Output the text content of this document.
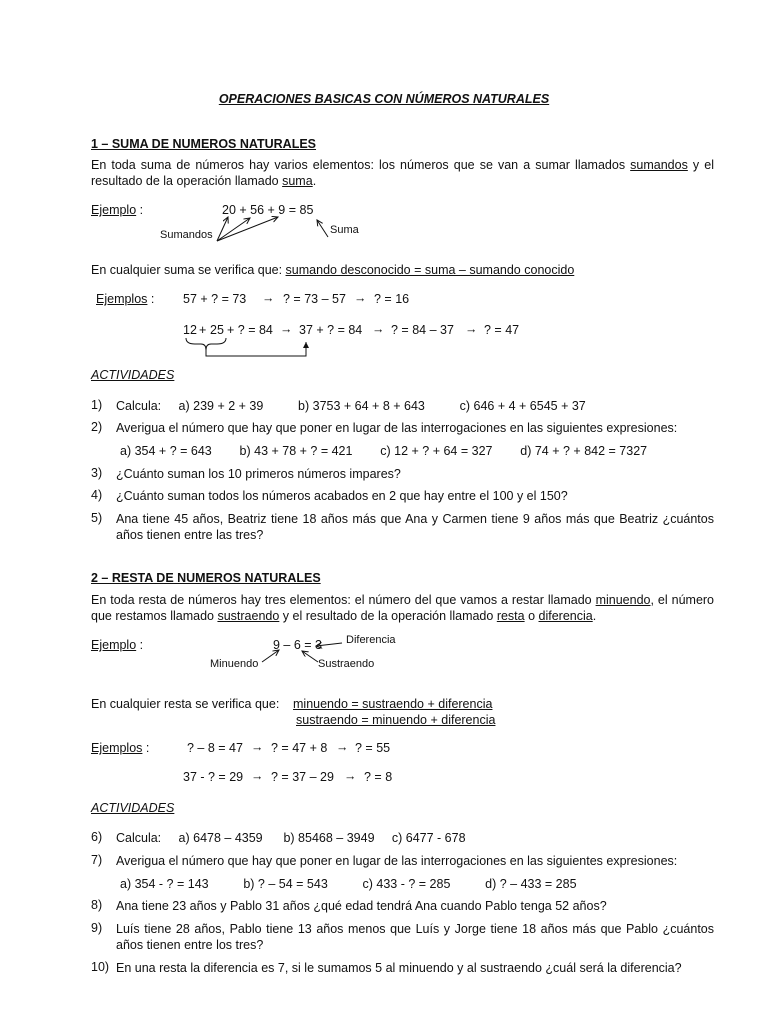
OPERACIONES BASICAS CON NÚMEROS NATURALES
1 – SUMA DE NUMEROS NATURALES
En toda suma de números hay varios elementos: los números que se van a sumar llamados sumandos y el resultado de la operación llamado suma.
Ejemplo :	20 + 56 + 9 = 85
Sumandos	Suma
En cualquier suma se verifica que: sumando desconocido = suma – sumando conocido
Ejemplos : 57 + ? = 73 → ? = 73 – 57 → ? = 16
12 + 25 + ? = 84 → 37 + ? = 84 → ? = 84 – 37 → ? = 47
ACTIVIDADES
1) Calcula:     a) 239 + 2 + 39          b) 3753 + 64 + 8 + 643          c) 646 + 4 + 6545 + 37
2) Averigua el número que hay que poner en lugar de las interrogaciones en las siguientes expresiones:
a) 354 + ? = 643        b) 43 + 78 + ? = 421        c) 12 + ? + 64 = 327        d) 74 + ? + 842 = 7327
3) ¿Cuánto suman los 10 primeros números impares?
4) ¿Cuánto suman todos los números acabados en 2 que hay entre el 100 y el 150?
5) Ana tiene 45 años, Beatriz tiene 18 años más que Ana y Carmen tiene 9 años más que Beatriz ¿cuántos años tienen entre las tres?
2 – RESTA DE NUMEROS NATURALES
En toda resta de números hay tres elementos: el número del que vamos a restar llamado minuendo, el número que restamos llamado sustraendo y el resultado de la operación llamado resta o diferencia.
Ejemplo :	9 – 6 = 3 Diferencia
Minuendo	Sustraendo
En cualquier resta se verifica que: minuendo = sustraendo + diferencia
sustraendo = minuendo + diferencia
Ejemplos :	? – 8 = 47 → ? = 47 + 8 → ? = 55
37 - ? = 29 → ? = 37 – 29 → ? = 8
ACTIVIDADES
6) Calcula:     a) 6478 – 4359      b) 85468 – 3949     c) 6477 - 678
7) Averigua el número que hay que poner en lugar de las interrogaciones en las siguientes expresiones:
a) 354 - ? = 143          b) ? – 54 = 543          c) 433 - ? = 285          d) ? – 433 = 285
8) Ana tiene 23 años y Pablo 31 años ¿qué edad tendrá Ana cuando Pablo tenga 52 años?
9) Luís tiene 28 años, Pablo tiene 13 años menos que Luís y Jorge tiene 18 años más que Pablo ¿cuántos años tienen entre los tres?
10) En una resta la diferencia es 7, si le sumamos 5 al minuendo y al sustraendo ¿cuál será la diferencia?
